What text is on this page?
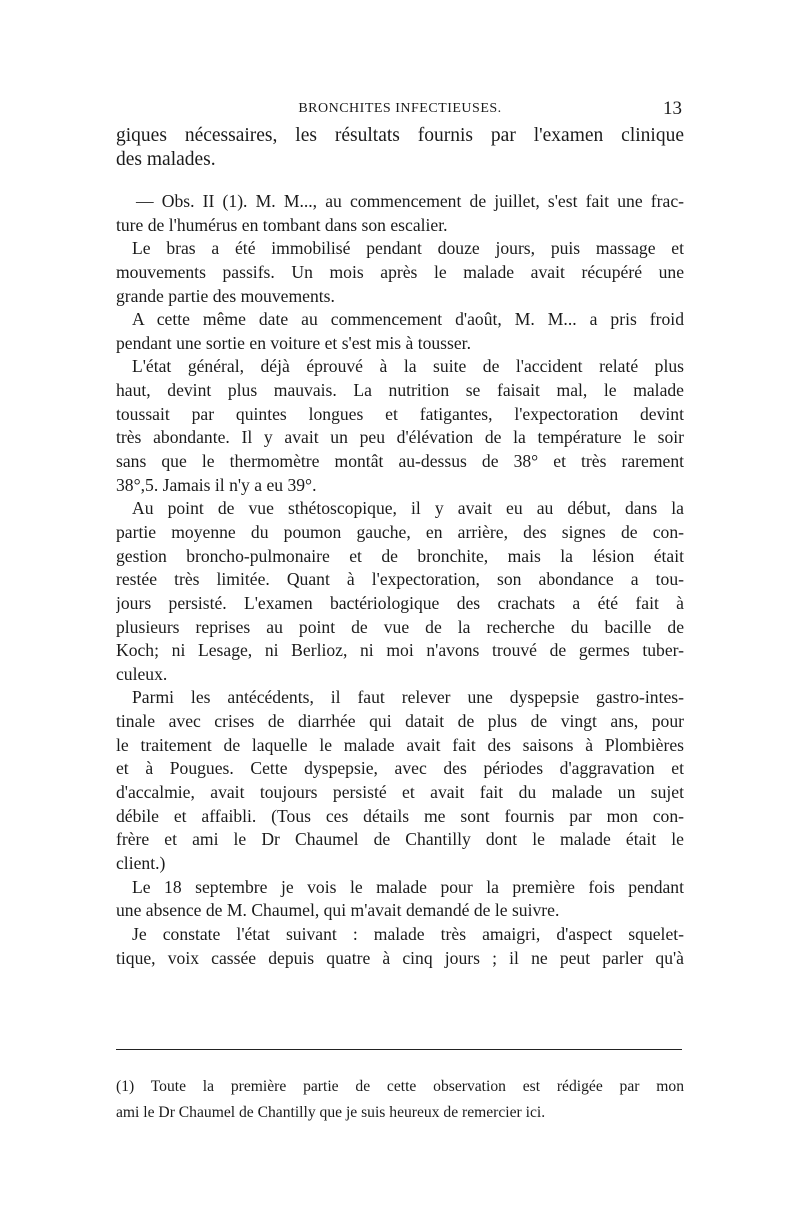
BRONCHITES INFECTIEUSES.	13
giques nécessaires, les résultats fournis par l'examen clinique
des malades.
— Obs. II (1). M. M..., au commencement de juillet, s'est fait une frac-
ture de l'humérus en tombant dans son escalier.
Le bras a été immobilisé pendant douze jours, puis massage et
mouvements passifs. Un mois après le malade avait récupéré une
grande partie des mouvements.
A cette même date au commencement d'août, M. M... a pris froid
pendant une sortie en voiture et s'est mis à tousser.
L'état général, déjà éprouvé à la suite de l'accident relaté plus
haut, devint plus mauvais. La nutrition se faisait mal, le malade
toussait par quintes longues et fatigantes, l'expectoration devint
très abondante. Il y avait un peu d'élévation de la température le soir
sans que le thermomètre montât au-dessus de 38° et très rarement
38°,5. Jamais il n'y a eu 39°.
Au point de vue sthétoscopique, il y avait eu au début, dans la
partie moyenne du poumon gauche, en arrière, des signes de con-
gestion broncho-pulmonaire et de bronchite, mais la lésion était
restée très limitée. Quant à l'expectoration, son abondance a tou-
jours persisté. L'examen bactériologique des crachats a été fait à
plusieurs reprises au point de vue de la recherche du bacille de
Koch; ni Lesage, ni Berlioz, ni moi n'avons trouvé de germes tuber-
culeux.
Parmi les antécédents, il faut relever une dyspepsie gastro-intes-
tinale avec crises de diarrhée qui datait de plus de vingt ans, pour
le traitement de laquelle le malade avait fait des saisons à Plombières
et à Pougues. Cette dyspepsie, avec des périodes d'aggravation et
d'accalmie, avait toujours persisté et avait fait du malade un sujet
débile et affaibli. (Tous ces détails me sont fournis par mon con-
frère et ami le Dr Chaumel de Chantilly dont le malade était le
client.)
Le 18 septembre je vois le malade pour la première fois pendant
une absence de M. Chaumel, qui m'avait demandé de le suivre.
Je constate l'état suivant : malade très amaigri, d'aspect squelet-
tique, voix cassée depuis quatre à cinq jours ; il ne peut parler qu'à
(1) Toute la première partie de cette observation est rédigée par mon
ami le Dr Chaumel de Chantilly que je suis heureux de remercier ici.
